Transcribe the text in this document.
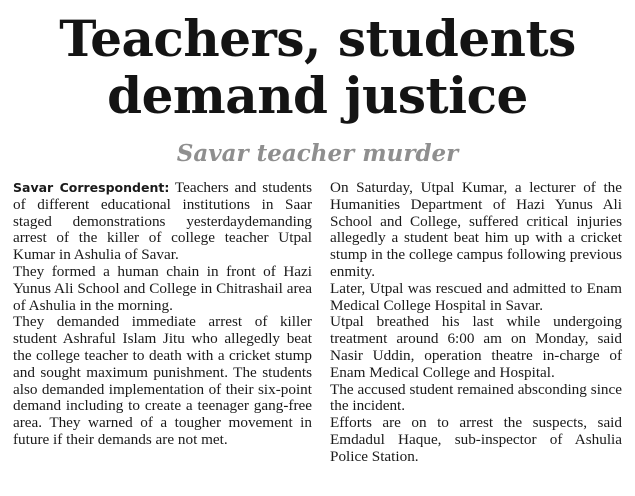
Teachers, students
demand justice
Savar teacher murder

Savar Correspondent: Teachers and students of different educational institutions in Saar staged demonstrations yesterdaydemanding arrest of the killer of college teacher Utpal Kumar in Ashulia of Savar.

They formed a human chain in front of Hazi Yunus Ali School and College in Chitrashail area of Ashulia in the morning.

They demanded immediate arrest of killer student Ashraful Islam Jitu who allegedly beat the college teacher to death with a cricket stump and sought maximum punishment. The students also demanded implementation of their six-point demand including to create a teenager gang-free area. They warned of a tougher movement in future if their demands are not met.

On Saturday, Utpal Kumar, a lecturer of the Humanities Department of Hazi Yunus Ali School and College, suffered critical injuries allegedly a student beat him up with a cricket stump in the college campus following previous enmity.

Later, Utpal was rescued and admitted to Enam Medical College Hospital in Savar.

Utpal breathed his last while undergoing treatment around 6:00 am on Monday, said Nasir Uddin, operation theatre in-charge of Enam Medical College and Hospital.

The accused student remained absconding since the incident.

Efforts are on to arrest the suspects, said Emdadul Haque, sub-inspector of Ashulia Police Station.
